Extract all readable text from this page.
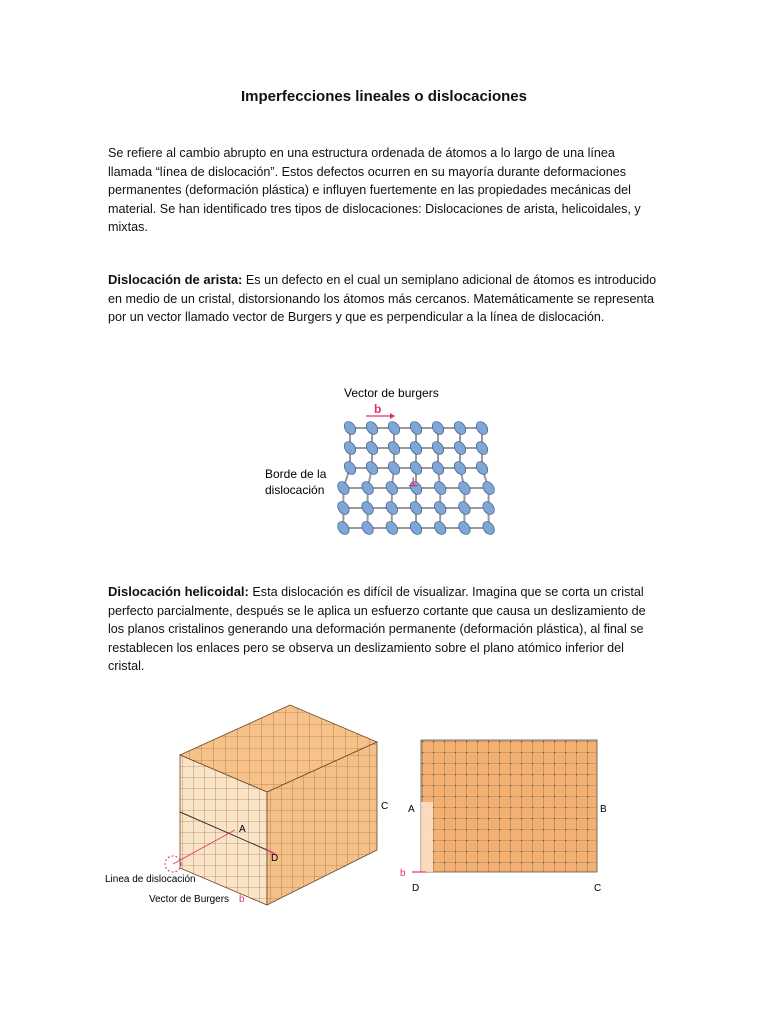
Imperfecciones lineales o dislocaciones
Se refiere al cambio abrupto en una estructura ordenada de átomos a lo largo de una línea llamada “línea de dislocación”. Estos defectos ocurren en su mayoría durante deformaciones permanentes (deformación plástica) e influyen fuertemente en las propiedades mecánicas del material. Se han identificado tres tipos de dislocaciones: Dislocaciones de arista, helicoidales, y mixtas.
Dislocación de arista: Es un defecto en el cual un semiplano adicional de átomos es introducido en medio de un cristal, distorsionando los átomos más cercanos. Matemáticamente se representa por un vector llamado vector de Burgers y que es perpendicular a la línea de dislocación.
Vector de burgers
b
Borde de la
dislocación
⊥
Dislocación helicoidal: Esta dislocación es difícil de visualizar. Imagina que se corta un cristal perfecto parcialmente, después se le aplica un esfuerzo cortante que causa un deslizamiento de los planos cristalinos generando una deformación permanente (deformación plástica), al final se restablecen los enlaces pero se observa un deslizamiento sobre el plano atómico inferior del cristal.
A
C
D
Linea de dislocación
Vector de Burgers b
A	B
C
D
b
